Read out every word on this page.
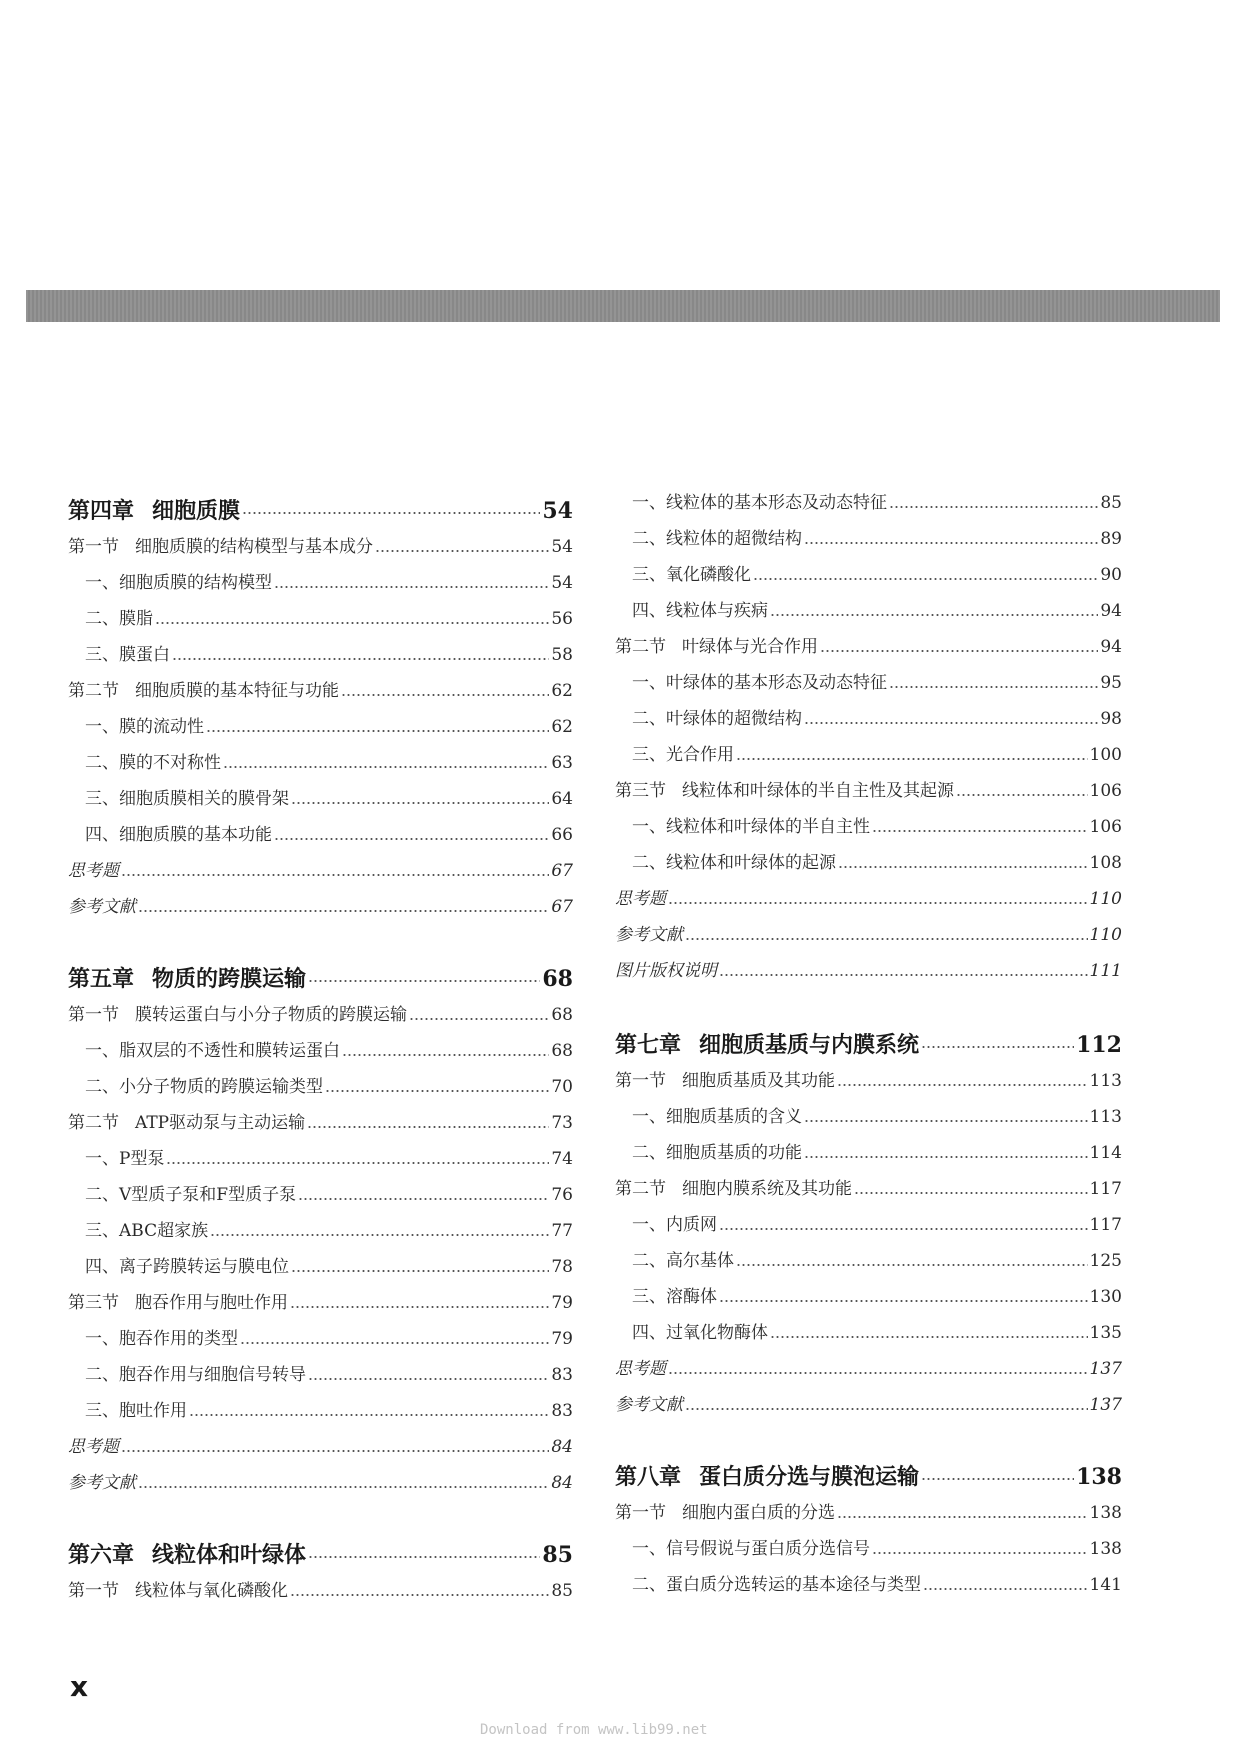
第四章 细胞质膜	54
第一节 细胞质膜的结构模型与基本成分	54
一、细胞质膜的结构模型	54
二、膜脂	56
三、膜蛋白	58
第二节 细胞质膜的基本特征与功能	62
一、膜的流动性	62
二、膜的不对称性	63
三、细胞质膜相关的膜骨架	64
四、细胞质膜的基本功能	66
思考题	67
参考文献	67
第五章 物质的跨膜运输	68
第一节 膜转运蛋白与小分子物质的跨膜运输	68
一、脂双层的不透性和膜转运蛋白	68
二、小分子物质的跨膜运输类型	70
第二节 ATP驱动泵与主动运输	73
一、P型泵	74
二、V型质子泵和F型质子泵	76
三、ABC超家族	77
四、离子跨膜转运与膜电位	78
第三节 胞吞作用与胞吐作用	79
一、胞吞作用的类型	79
二、胞吞作用与细胞信号转导	83
三、胞吐作用	83
思考题	84
参考文献	84
第六章 线粒体和叶绿体	85
第一节 线粒体与氧化磷酸化	85
一、线粒体的基本形态及动态特征	85
二、线粒体的超微结构	89
三、氧化磷酸化	90
四、线粒体与疾病	94
第二节 叶绿体与光合作用	94
一、叶绿体的基本形态及动态特征	95
二、叶绿体的超微结构	98
三、光合作用	100
第三节 线粒体和叶绿体的半自主性及其起源	106
一、线粒体和叶绿体的半自主性	106
二、线粒体和叶绿体的起源	108
思考题	110
参考文献	110
图片版权说明	111
第七章 细胞质基质与内膜系统	112
第一节 细胞质基质及其功能	113
一、细胞质基质的含义	113
二、细胞质基质的功能	114
第二节 细胞内膜系统及其功能	117
一、内质网	117
二、高尔基体	125
三、溶酶体	130
四、过氧化物酶体	135
思考题	137
参考文献	137
第八章 蛋白质分选与膜泡运输	138
第一节 细胞内蛋白质的分选	138
一、信号假说与蛋白质分选信号	138
二、蛋白质分选转运的基本途径与类型	141
x
Download from www.lib99.net
